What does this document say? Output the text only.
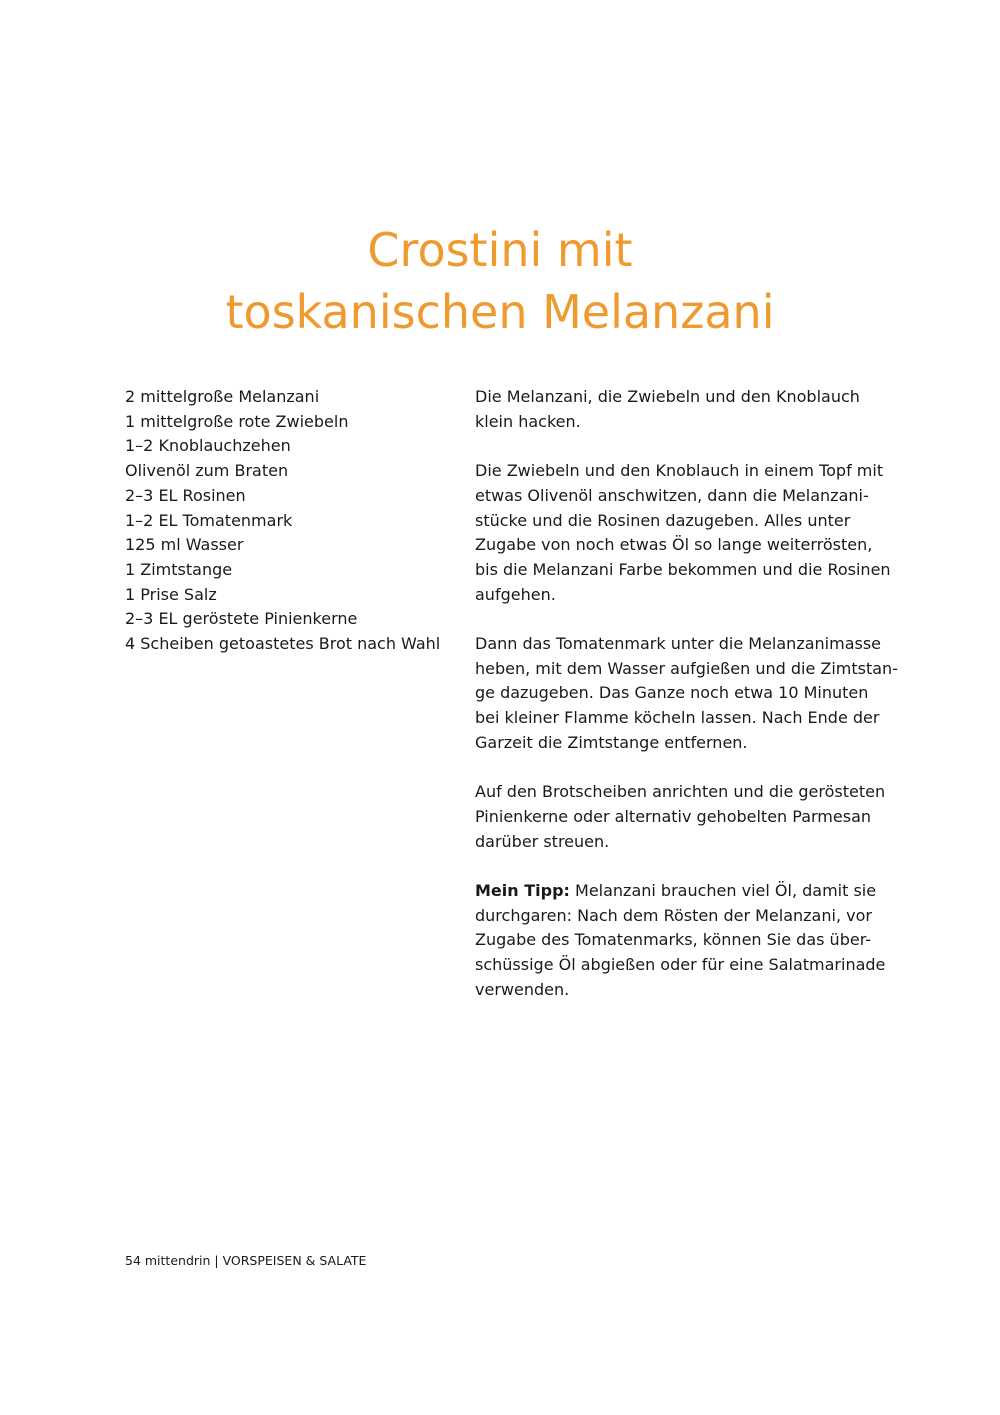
Crostini mit
toskanischen Melanzani
2 mittelgroße Melanzani
1 mittelgroße rote Zwiebeln
1–2 Knoblauchzehen
Olivenöl zum Braten
2–3 EL Rosinen
1–2 EL Tomatenmark
125 ml Wasser
1 Zimtstange
1 Prise Salz
2–3 EL geröstete Pinienkerne
4 Scheiben getoastetes Brot nach Wahl

Die Melanzani, die Zwiebeln und den Knoblauch
klein hacken.

Die Zwiebeln und den Knoblauch in einem Topf mit
etwas Olivenöl anschwitzen, dann die Melanzani-
stücke und die Rosinen dazugeben. Alles unter
Zugabe von noch etwas Öl so lange weiterrösten,
bis die Melanzani Farbe bekommen und die Rosinen
aufgehen.

Dann das Tomatenmark unter die Melanzanimasse
heben, mit dem Wasser aufgießen und die Zimtstan-
ge dazugeben. Das Ganze noch etwa 10 Minuten
bei kleiner Flamme köcheln lassen. Nach Ende der
Garzeit die Zimtstange entfernen.

Auf den Brotscheiben anrichten und die gerösteten
Pinienkerne oder alternativ gehobelten Parmesan
darüber streuen.

Mein Tipp: Melanzani brauchen viel Öl, damit sie
durchgaren: Nach dem Rösten der Melanzani, vor
Zugabe des Tomatenmarks, können Sie das über-
schüssige Öl abgießen oder für eine Salatmarinade
verwenden.

54 mittendrin | VORSPEISEN & SALATE
